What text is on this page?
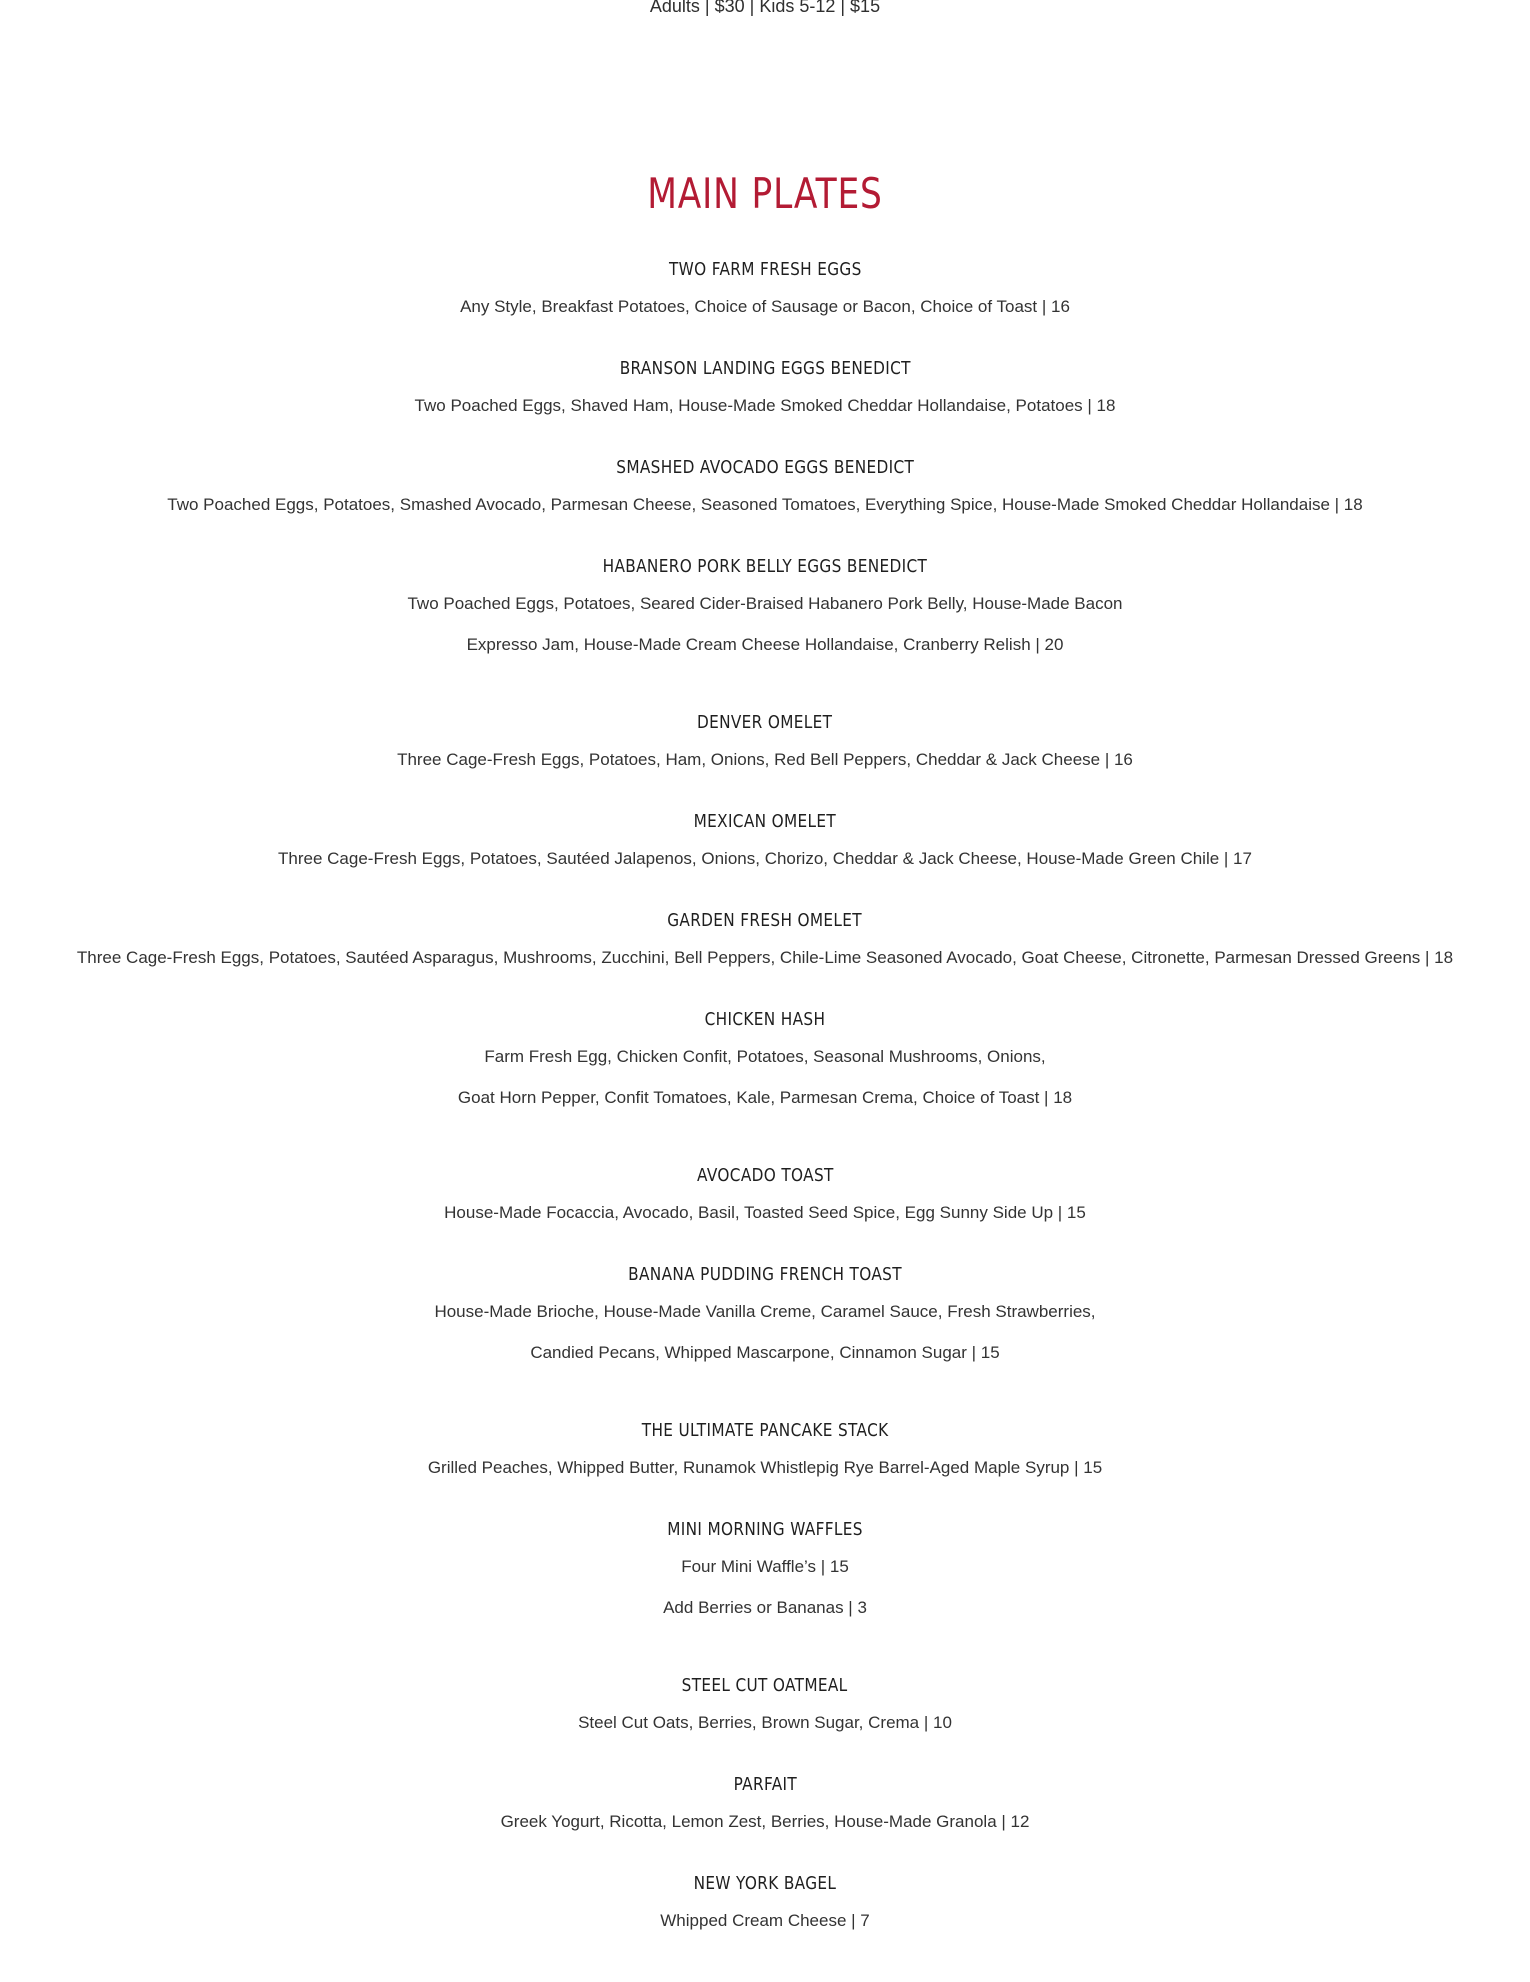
Adults | $30 | Kids 5-12 | $15
MAIN PLATES
TWO FARM FRESH EGGS
Any Style, Breakfast Potatoes, Choice of Sausage or Bacon, Choice of Toast | 16
BRANSON LANDING EGGS BENEDICT
Two Poached Eggs, Shaved Ham, House-Made Smoked Cheddar Hollandaise, Potatoes | 18
SMASHED AVOCADO EGGS BENEDICT
Two Poached Eggs, Potatoes, Smashed Avocado, Parmesan Cheese, Seasoned Tomatoes, Everything Spice, House-Made Smoked Cheddar Hollandaise | 18
HABANERO PORK BELLY EGGS BENEDICT
Two Poached Eggs, Potatoes, Seared Cider-Braised Habanero Pork Belly, House-Made Bacon
Expresso Jam, House-Made Cream Cheese Hollandaise, Cranberry Relish | 20
DENVER OMELET
Three Cage-Fresh Eggs, Potatoes, Ham, Onions, Red Bell Peppers, Cheddar & Jack Cheese | 16
MEXICAN OMELET
Three Cage-Fresh Eggs, Potatoes, Sautéed Jalapenos, Onions, Chorizo, Cheddar & Jack Cheese, House-Made Green Chile | 17
GARDEN FRESH OMELET
Three Cage-Fresh Eggs, Potatoes, Sautéed Asparagus, Mushrooms, Zucchini, Bell Peppers, Chile-Lime Seasoned Avocado, Goat Cheese, Citronette, Parmesan Dressed Greens | 18
CHICKEN HASH
Farm Fresh Egg, Chicken Confit, Potatoes, Seasonal Mushrooms, Onions,
Goat Horn Pepper, Confit Tomatoes, Kale, Parmesan Crema, Choice of Toast | 18
AVOCADO TOAST
House-Made Focaccia, Avocado, Basil, Toasted Seed Spice, Egg Sunny Side Up | 15
BANANA PUDDING FRENCH TOAST
House-Made Brioche, House-Made Vanilla Creme, Caramel Sauce, Fresh Strawberries,
Candied Pecans, Whipped Mascarpone, Cinnamon Sugar | 15
THE ULTIMATE PANCAKE STACK
Grilled Peaches, Whipped Butter, Runamok Whistlepig Rye Barrel-Aged Maple Syrup | 15
MINI MORNING WAFFLES
Four Mini Waffle’s | 15
Add Berries or Bananas | 3
STEEL CUT OATMEAL
Steel Cut Oats, Berries, Brown Sugar, Crema | 10
PARFAIT
Greek Yogurt, Ricotta, Lemon Zest, Berries, House-Made Granola | 12
NEW YORK BAGEL
Whipped Cream Cheese | 7
